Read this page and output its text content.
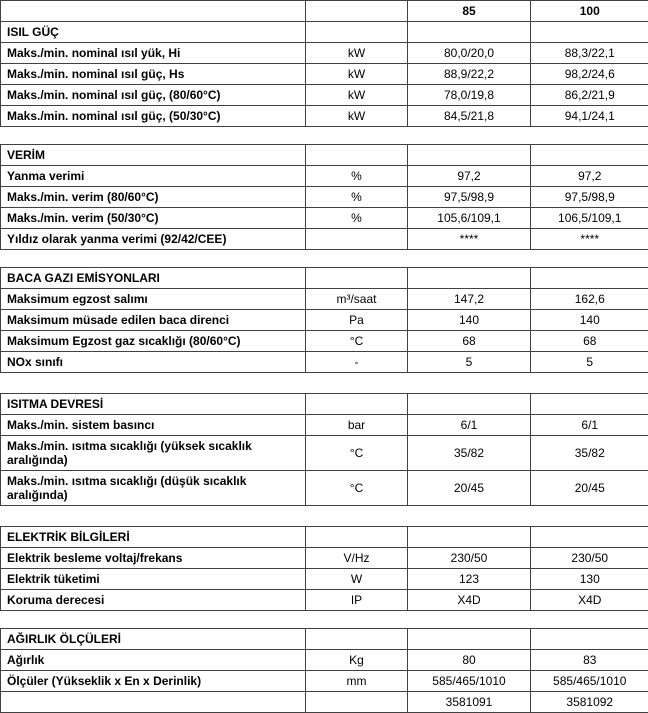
		85	100
ISIL GÜÇ			
Maks./min. nominal ısıl yük, Hi	kW	80,0/20,0	88,3/22,1
Maks./min. nominal ısıl güç, Hs	kW	88,9/22,2	98,2/24,6
Maks./min. nominal ısıl güç, (80/60°C)	kW	78,0/19,8	86,2/21,9
Maks./min. nominal ısıl güç, (50/30°C)	kW	84,5/21,8	94,1/24,1
VERİM			
Yanma verimi	%	97,2	97,2
Maks./min. verim (80/60°C)	%	97,5/98,9	97,5/98,9
Maks./min. verim (50/30°C)	%	105,6/109,1	106,5/109,1
Yıldız olarak yanma verimi (92/42/CEE)		****	****
BACA GAZI EMİSYONLARI			
Maksimum egzost salımı	m³/saat	147,2	162,6
Maksimum müsade edilen baca direnci	Pa	140	140
Maksimum Egzost gaz sıcaklığı (80/60°C)	°C	68	68
NOx sınıfı	-	5	5
ISITMA DEVRESİ			
Maks./min. sistem basıncı	bar	6/1	6/1
Maks./min. ısıtma sıcaklığı (yüksek sıcaklık aralığında)	°C	35/82	35/82
Maks./min. ısıtma sıcaklığı (düşük sıcaklık aralığında)	°C	20/45	20/45
ELEKTRİK BİLGİLERİ			
Elektrik besleme voltaj/frekans	V/Hz	230/50	230/50
Elektrik tüketimi	W	123	130
Koruma derecesi	IP	X4D	X4D
AĞIRLIK ÖLÇÜLERİ			
Ağırlık	Kg	80	83
Ölçüler (Yükseklik x En x Derinlik)	mm	585/465/1010	585/465/1010
		3581091	3581092
